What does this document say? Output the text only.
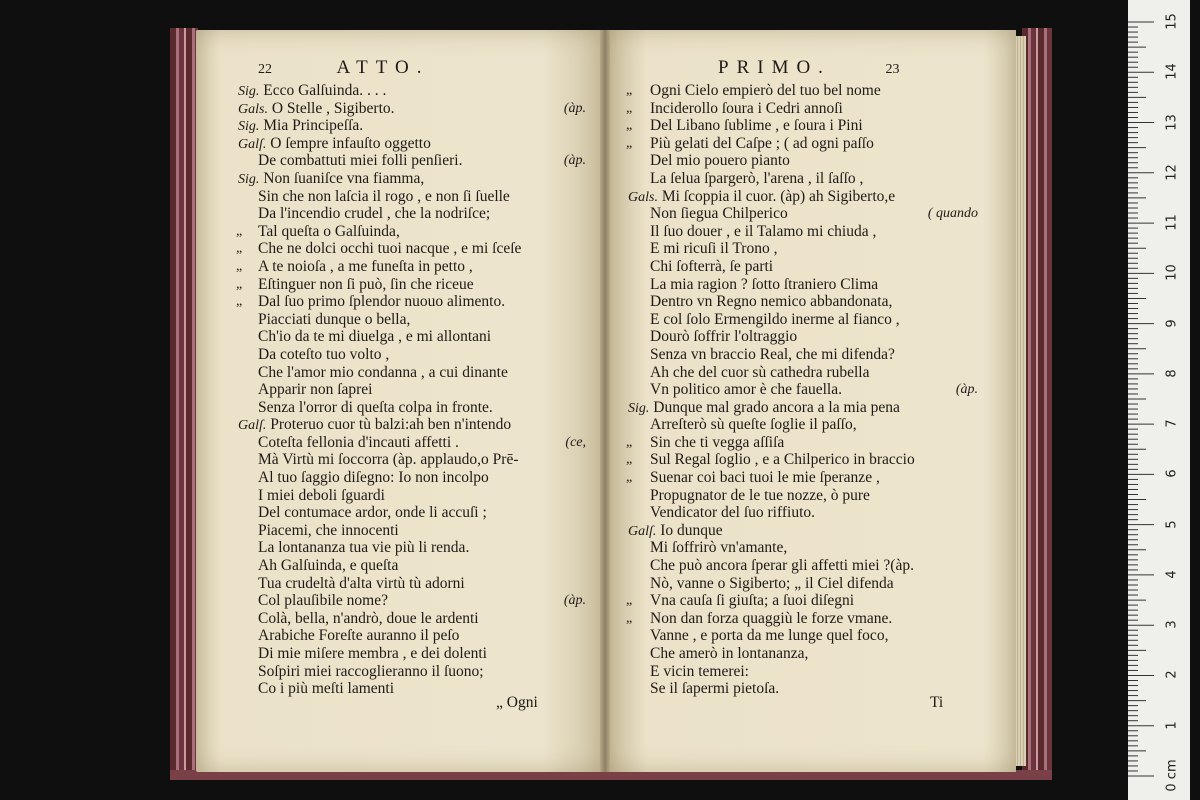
22	ATTO.	PRIMO.	23
Sig. Ecco Galſuinda. . . .
Gals. O Stelle , Sigiberto.	(àp.
Sig. Mia Principeſſa.
Galſ. O ſempre infauſto oggetto
De combattuti miei folli penſieri.	(àp.
Sig. Non ſuaniſce vna fiamma,
Sin che non laſcia il rogo , e non ſi ſuelle
Da l'incendio crudel , che la nodriſce;
„	Tal queſta o Galſuinda,
„	Che ne dolci occhi tuoi nacque , e mi ſceſe
„	A te noioſa , a me funeſta in petto ,
„	Eſtinguer non ſi può, ſin che riceue
„	Dal ſuo primo ſplendor nuouo alimento.
Piacciati dunque o bella,
Ch'io da te mi diuelga , e mi allontani
Da coteſto tuo volto ,
Che l'amor mio condanna , a cui dinante
Apparir non ſaprei
Senza l'orror di queſta colpa in fronte.
Galſ. Proteruo cuor tù balzi:ah ben n'intendo
Coteſta fellonia d'incauti affetti .	(ce,
Mà Virtù mi ſoccorra (àp. applaudo,o Prē-
Al tuo ſaggio diſegno: Io non incolpo
I miei deboli ſguardi
Del contumace ardor, onde li accuſi ;
Piacemi, che innocenti
La lontananza tua vie più li renda.
Ah Galſuinda, e queſta
Tua crudeltà d'alta virtù tù adorni
Col plauſibile nome?	(àp.
Colà, bella, n'andrò, doue le ardenti
Arabiche Foreſte auranno il peſo
Di mie miſere membra , e dei dolenti
Soſpiri miei raccoglieranno il ſuono;
Co i più meſti lamenti
„	Ogni Cielo empierò del tuo bel nome
„	Inciderollo ſoura i Cedri annoſi
„	Del Libano ſublime , e ſoura i Pini
„	Più gelati del Caſpe ; ( ad ogni paſſo
Del mio pouero pianto
La ſelua ſpargerò, l'arena , il ſaſſo ,
Gals. Mi ſcoppia il cuor. (àp) ah Sigiberto,e
Non ſiegua Chilperico	( quando
Il ſuo douer , e il Talamo mi chiuda ,
E mi ricuſi il Trono ,
Chi ſofterrà, ſe parti
La mia ragion ? ſotto ſtraniero Clima
Dentro vn Regno nemico abbandonata,
E col ſolo Ermengildo inerme al fianco ,
Dourò ſoffrir l'oltraggio
Senza vn braccio Real, che mi difenda?
Ah che del cuor sù cathedra rubella
Vn politico amor è che fauella.	(àp.
Sig. Dunque mal grado ancora a la mia pena
Arreſterò sù queſte ſoglie il paſſo,
„	Sin che ti vegga aſſiſa
„	Sul Regal ſoglio , e a Chilperico in braccio
„	Suenar coi baci tuoi le mie ſperanze ,
Propugnator de le tue nozze, ò pure
Vendicator del ſuo riffiuto.
Galſ. Io dunque
Mi ſoffrirò vn'amante,
Che può ancora ſperar gli affetti miei ?(àp.
Nò, vanne o Sigiberto; „ il Ciel difenda
„	Vna cauſa ſi giuſta; a ſuoi diſegni
„	Non dan forza quaggiù le forze vmane.
Vanne , e porta da me lunge quel foco,
Che amerò in lontananza,
E vicin temerei:
Se il ſapermi pietoſa.
„ Ogni	Ti
15
14
13
12
11
10
9
8
7
6
5
4
3
2
1
0 cm
